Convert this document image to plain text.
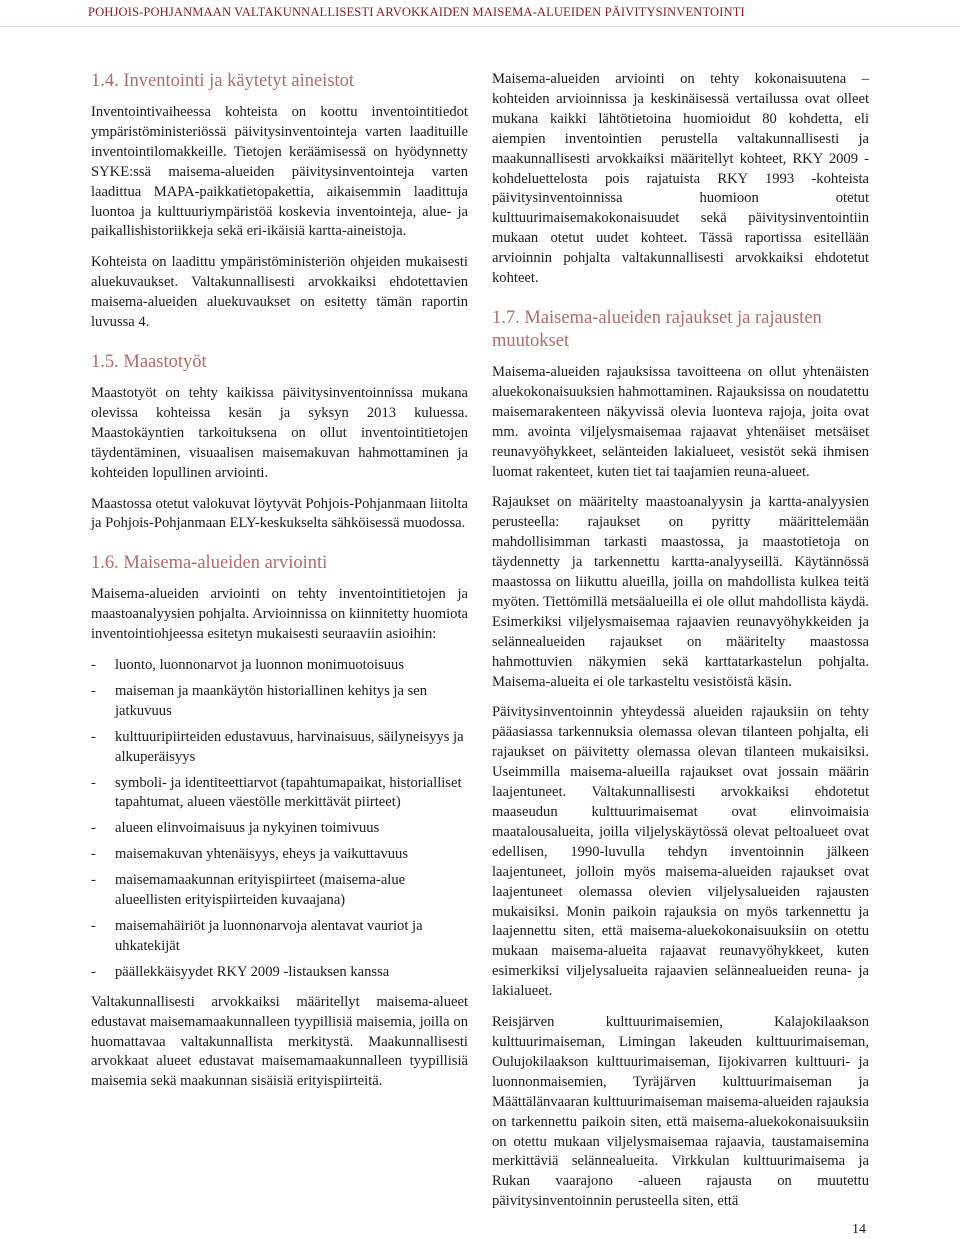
POHJOIS-POHJANMAAN VALTAKUNNALLISESTI ARVOKKAIDEN MAISEMA-ALUEIDEN PÄIVITYSINVENTOINTI
1.4. Inventointi ja käytetyt aineistot

Inventointivaiheessa kohteista on koottu inventointitiedot ympäristöministeriössä päivitysinventointeja varten laadituille inventointilomakkeille. Tietojen keräämisessä on hyödynnetty SYKE:ssä maisema-alueiden päivitysinventointeja varten laadittua MAPA-paikkatietopakettia, aikaisemmin laadittuja luontoa ja kulttuuriympäristöä koskevia inventointeja, alue- ja paikallishistoriikkeja sekä eri-ikäisiä kartta-aineistoja.

Kohteista on laadittu ympäristöministeriön ohjeiden mukaisesti aluekuvaukset. Valtakunnallisesti arvokkaiksi ehdotettavien maisema-alueiden aluekuvaukset on esitetty tämän raportin luvussa 4.

1.5. Maastotyöt

Maastotyöt on tehty kaikissa päivitysinventoinnissa mukana olevissa kohteissa kesän ja syksyn 2013 kuluessa. Maastokäyntien tarkoituksena on ollut inventointitietojen täydentäminen, visuaalisen maisemakuvan hahmottaminen ja kohteiden lopullinen arviointi.

Maastossa otetut valokuvat löytyvät Pohjois-Pohjanmaan liitolta ja Pohjois-Pohjanmaan ELY-keskukselta sähköisessä muodossa.

1.6. Maisema-alueiden arviointi

Maisema-alueiden arviointi on tehty inventointitietojen ja maastoanalyysien pohjalta. Arvioinnissa on kiinnitetty huomiota inventointiohjeessa esitetyn mukaisesti seuraaviin asioihin:

- luonto, luonnonarvot ja luonnon monimuotoisuus
- maiseman ja maankäytön historiallinen kehitys ja sen jatkuvuus
- kulttuuripiirteiden edustavuus, harvinaisuus, säilyneisyys ja alkuperäisyys
- symboli- ja identiteettiarvot (tapahtumapaikat, historialliset tapahtumat, alueen väestölle merkittävät piirteet)
- alueen elinvoimaisuus ja nykyinen toimivuus
- maisemakuvan yhtenäisyys, eheys ja vaikuttavuus
- maisemamaakunnan erityispiirteet (maisema-alue alueellisten erityispiirteiden kuvaajana)
- maisemahäiriöt ja luonnonarvoja alentavat vauriot ja uhkatekijät
- päällekkäisyydet RKY 2009 -listauksen kanssa

Valtakunnallisesti arvokkaiksi määritellyt maisema-alueet edustavat maisemamaakunnalleen tyypillisiä maisemia, joilla on huomattavaa valtakunnallista merkitystä. Maakunnallisesti arvokkaat alueet edustavat maisemamaakunnalleen tyypillisiä maisemia sekä maakunnan sisäisiä erityispiirteitä.

Maisema-alueiden arviointi on tehty kokonaisuutena – kohteiden arvioinnissa ja keskinäisessä vertailussa ovat olleet mukana kaikki lähtötietoina huomioidut 80 kohdetta, eli aiempien inventointien perustella valtakunnallisesti ja maakunnallisesti arvokkaiksi määritellyt kohteet, RKY 2009 -kohdeluettelosta pois rajatuista RKY 1993 -kohteista päivitysinventoinnissa huomioon otetut kulttuurimaisemakokonaisuudet sekä päivitysinventointiin mukaan otetut uudet kohteet. Tässä raportissa esitellään arvioinnin pohjalta valtakunnallisesti arvokkaiksi ehdotetut kohteet.

1.7. Maisema-alueiden rajaukset ja rajausten muutokset

Maisema-alueiden rajauksissa tavoitteena on ollut yhtenäisten aluekokonaisuuksien hahmottaminen. Rajauksissa on noudatettu maisemarakenteen näkyvissä olevia luonteva rajoja, joita ovat mm. avointa viljelysmaisemaa rajaavat yhtenäiset metsäiset reunavyöhykkeet, selänteiden lakialueet, vesistöt sekä ihmisen luomat rakenteet, kuten tiet tai taajamien reuna-alueet.

Rajaukset on määritelty maastoanalyysin ja kartta-analyysien perusteella: rajaukset on pyritty määrittelemään mahdollisimman tarkasti maastossa, ja maastotietoja on täydennetty ja tarkennettu kartta-analyyseillä. Käytännössä maastossa on liikuttu alueilla, joilla on mahdollista kulkea teitä myöten. Tiettömillä metsäalueilla ei ole ollut mahdollista käydä. Esimerkiksi viljelysmaisemaa rajaavien reunavyöhykkeiden ja selännealueiden rajaukset on määritelty maastossa hahmottuvien näkymien sekä karttatarkastelun pohjalta. Maisema-alueita ei ole tarkasteltu vesistöistä käsin.

Päivitysinventoinnin yhteydessä alueiden rajauksiin on tehty pääasiassa tarkennuksia olemassa olevan tilanteen pohjalta, eli rajaukset on päivitetty olemassa olevan tilanteen mukaisiksi. Useimmilla maisema-alueilla rajaukset ovat jossain määrin laajentuneet. Valtakunnallisesti arvokkaiksi ehdotetut maaseudun kulttuurimaisemat ovat elinvoimaisia maatalousalueita, joilla viljelyskäytössä olevat peltoalueet ovat edellisen, 1990-luvulla tehdyn inventoinnin jälkeen laajentuneet, jolloin myös maisema-alueiden rajaukset ovat laajentuneet olemassa olevien viljelysalueiden rajausten mukaisiksi. Monin paikoin rajauksia on myös tarkennettu ja laajennettu siten, että maisema-aluekokonaisuuksiin on otettu mukaan maisema-alueita rajaavat reunavyöhykkeet, kuten esimerkiksi viljelysalueita rajaavien selännealueiden reuna- ja lakialueet.

Reisjärven kulttuurimaisemien, Kalajokilaakson kulttuurimaiseman, Limingan lakeuden kulttuurimaiseman, Oulujokilaakson kulttuurimaiseman, Iijokivarren kulttuuri- ja luonnonmaisemien, Tyräjärven kulttuurimaiseman ja Määttälänvaaran kulttuurimaiseman maisema-alueiden rajauksia on tarkennettu paikoin siten, että maisema-aluekokonaisuuksiin on otettu mukaan viljelysmaisemaa rajaavia, taustamaisemina merkittäviä selännealueita. Virkkulan kulttuurimaisema ja Rukan vaarajono -alueen rajausta on muutettu päivitysinventoinnin perusteella siten, että

14
